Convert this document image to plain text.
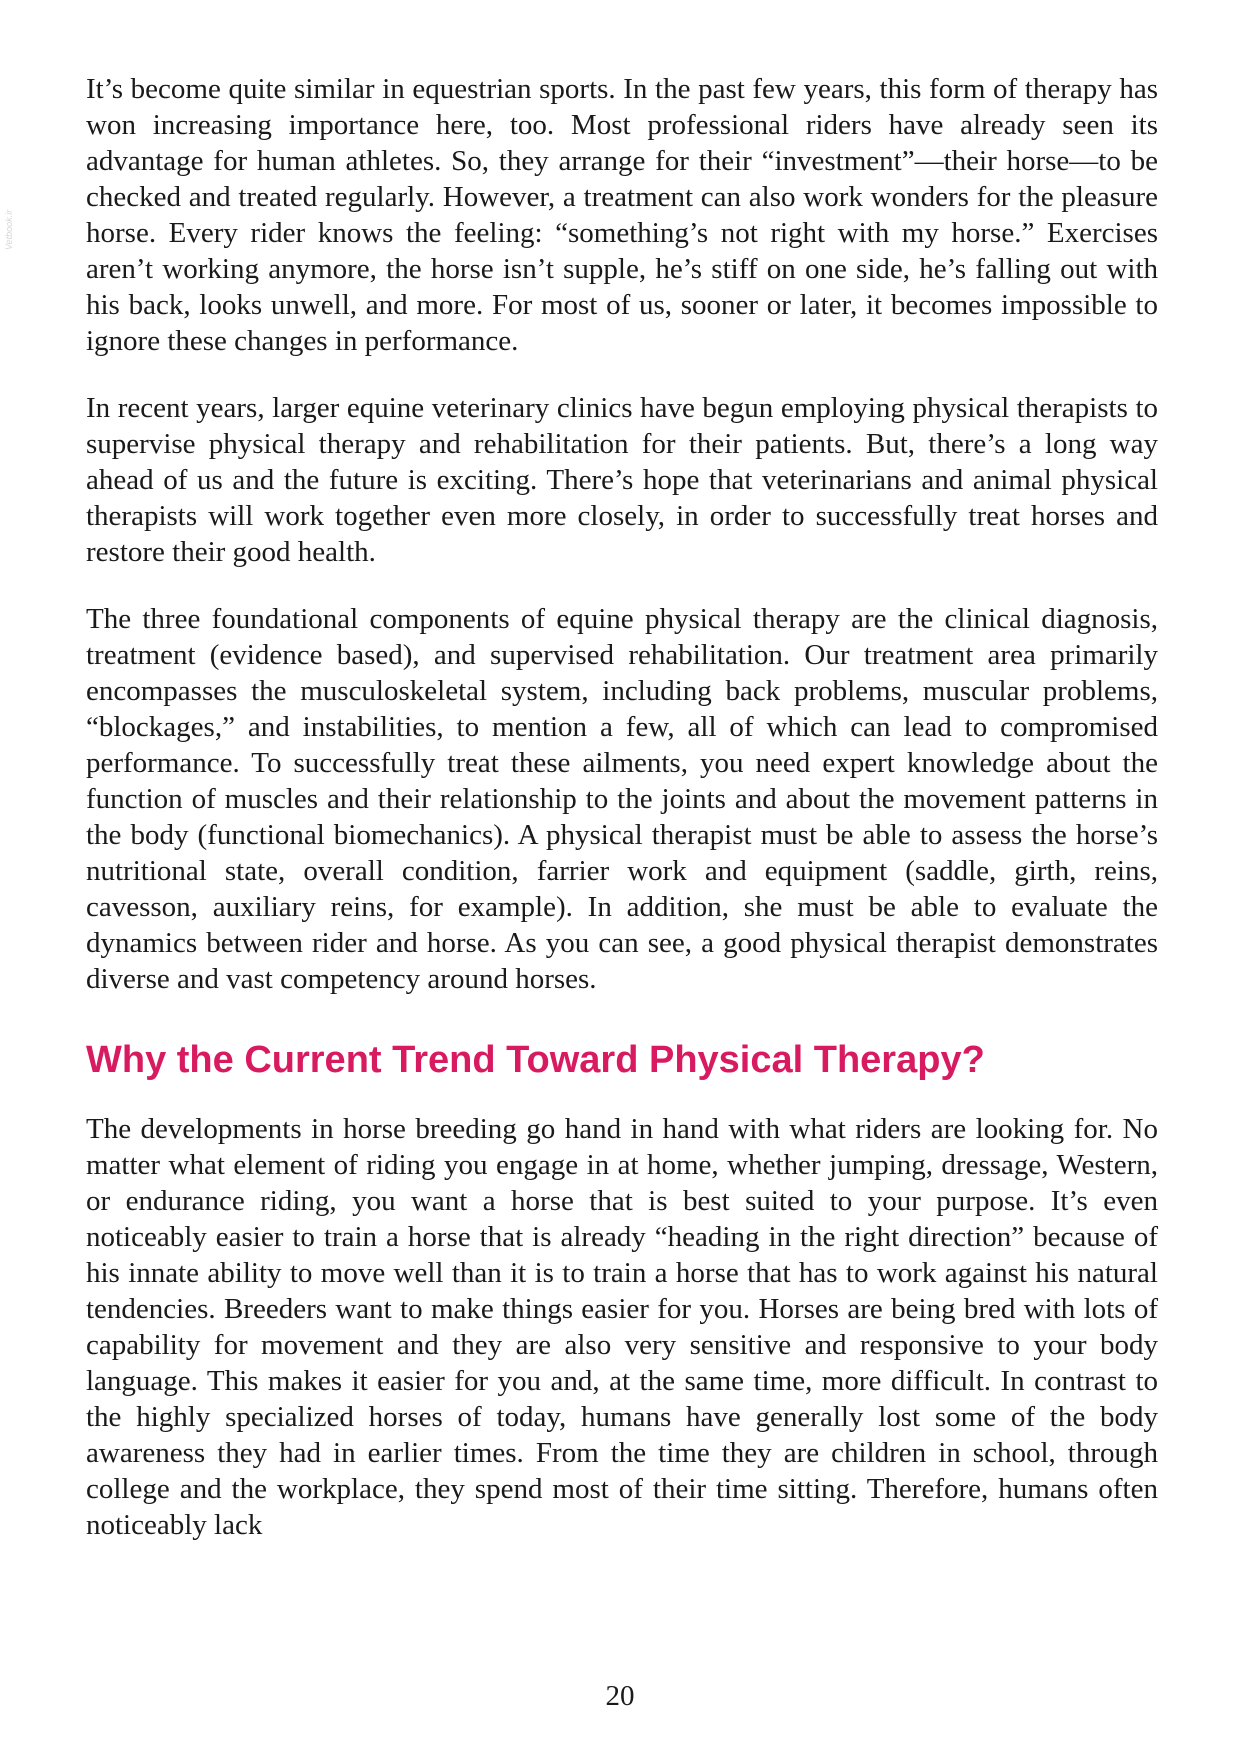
Vetbook.ir

It’s become quite similar in equestrian sports. In the past few years, this form of therapy has won increasing importance here, too. Most professional riders have already seen its advantage for human athletes. So, they arrange for their “investment”—their horse—to be checked and treated regularly. However, a treatment can also work wonders for the pleasure horse. Every rider knows the feeling: “something’s not right with my horse.” Exercises aren’t working anymore, the horse isn’t supple, he’s stiff on one side, he’s falling out with his back, looks unwell, and more. For most of us, sooner or later, it becomes impossible to ignore these changes in performance.

In recent years, larger equine veterinary clinics have begun employing physical therapists to supervise physical therapy and rehabilitation for their patients. But, there’s a long way ahead of us and the future is exciting. There’s hope that veterinarians and animal physical therapists will work together even more closely, in order to successfully treat horses and restore their good health.

The three foundational components of equine physical therapy are the clinical diagnosis, treatment (evidence based), and supervised rehabilitation. Our treatment area primarily encompasses the musculoskeletal system, including back problems, muscular problems, “blockages,” and instabilities, to mention a few, all of which can lead to compromised performance. To successfully treat these ailments, you need expert knowledge about the function of muscles and their relationship to the joints and about the movement patterns in the body (functional biomechanics). A physical therapist must be able to assess the horse’s nutritional state, overall condition, farrier work and equipment (saddle, girth, reins, cavesson, auxiliary reins, for example). In addition, she must be able to evaluate the dynamics between rider and horse. As you can see, a good physical therapist demonstrates diverse and vast competency around horses.

Why the Current Trend Toward Physical Therapy?

The developments in horse breeding go hand in hand with what riders are looking for. No matter what element of riding you engage in at home, whether jumping, dressage, Western, or endurance riding, you want a horse that is best suited to your purpose. It’s even noticeably easier to train a horse that is already “heading in the right direction” because of his innate ability to move well than it is to train a horse that has to work against his natural tendencies. Breeders want to make things easier for you. Horses are being bred with lots of capability for movement and they are also very sensitive and responsive to your body language. This makes it easier for you and, at the same time, more difficult. In contrast to the highly specialized horses of today, humans have generally lost some of the body awareness they had in earlier times. From the time they are children in school, through college and the workplace, they spend most of their time sitting. Therefore, humans often noticeably lack

20
